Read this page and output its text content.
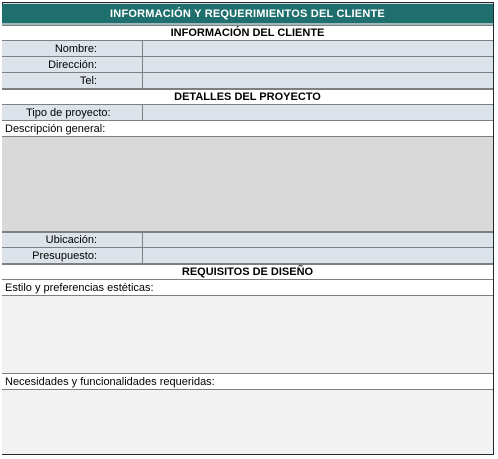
INFORMACIÓN Y REQUERIMIENTOS DEL CLIENTE
INFORMACIÓN DEL CLIENTE
Nombre:
Dirección:
Tel:
DETALLES DEL PROYECTO
Tipo de proyecto:
Descripción general:
Ubicación:
Presupuesto:
REQUISITOS DE DISEÑO
Estilo y preferencias estéticas:
Necesidades y funcionalidades requeridas:
